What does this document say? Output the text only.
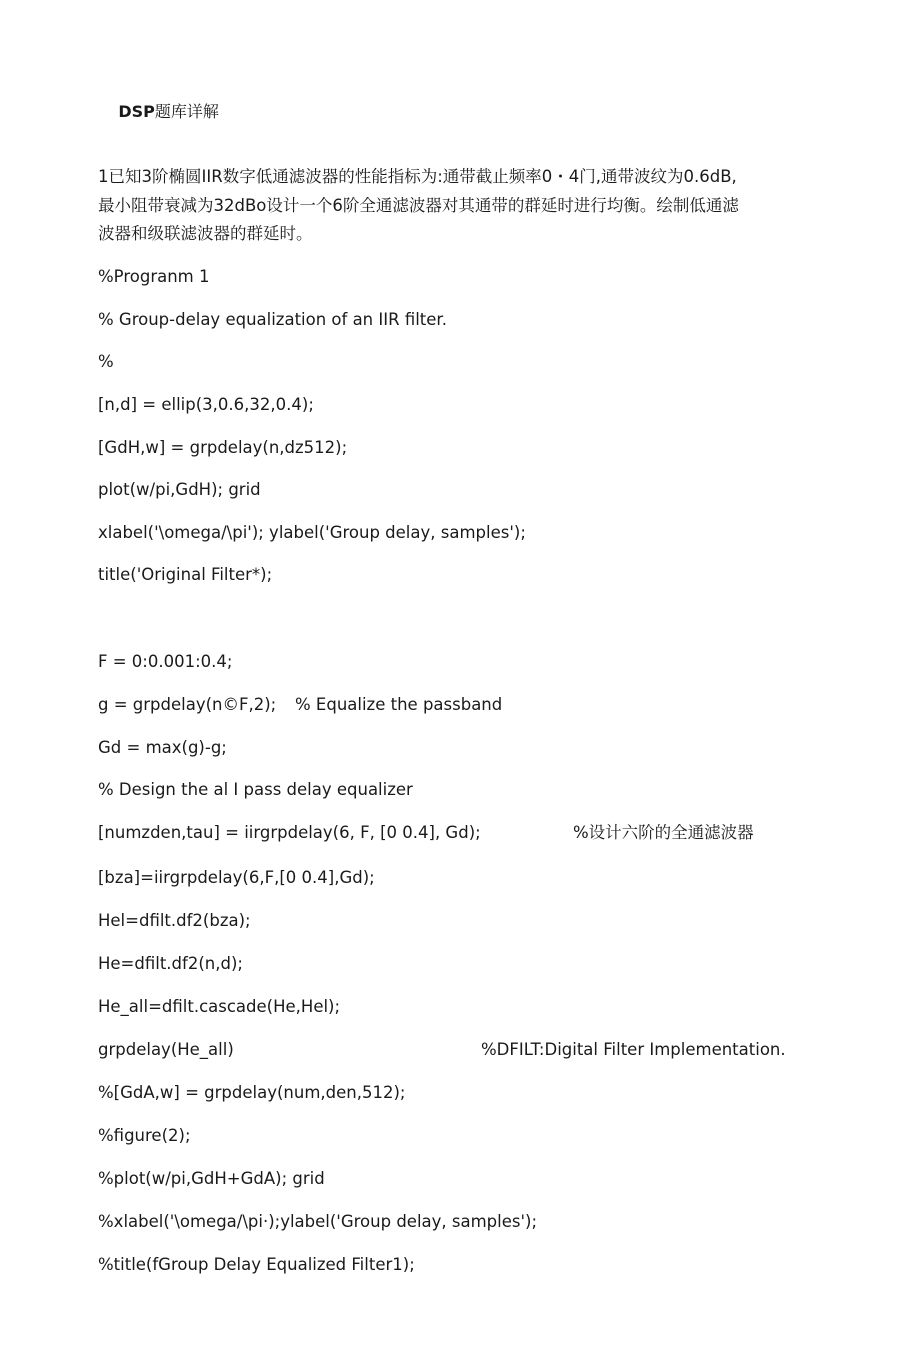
DSP题库详解

1已知3阶椭圆IIR数字低通滤波器的性能指标为:通带截止频率0・4门,通带波纹为0.6dB,
最小阻带衰减为32dBo设计一个6阶全通滤波器对其通带的群延时进行均衡。绘制低通滤
波器和级联滤波器的群延时。
%Progranm 1
% Group-delay equalization of an IIR filter.
%
[n,d] = ellip(3,0.6,32,0.4);
[GdH,w] = grpdelay(n,dz512);
plot(w/pi,GdH); grid
xlabel('\omega/\pi'); ylabel('Group delay, samples');
title('Original Filter*);
F = 0:0.001:0.4;
g = grpdelay(n©F,2); % Equalize the passband
Gd = max(g)-g;
% Design the al I pass delay equalizer
[numzden,tau] = iirgrpdelay(6, F, [0 0.4], Gd);	%设计六阶的全通滤波器
[bza]=iirgrpdelay(6,F,[0 0.4],Gd);
Hel=dfilt.df2(bza);
He=dfilt.df2(n,d);
He_all=dfilt.cascade(He,Hel);
grpdelay(He_all)	%DFILT:Digital Filter Implementation.
%[GdA,w] = grpdelay(num,den,512);
%figure(2);
%plot(w/pi,GdH+GdA); grid
%xlabel('\omega/\pi·);ylabel('Group delay, samples');
%title(fGroup Delay Equalized Filter1);
